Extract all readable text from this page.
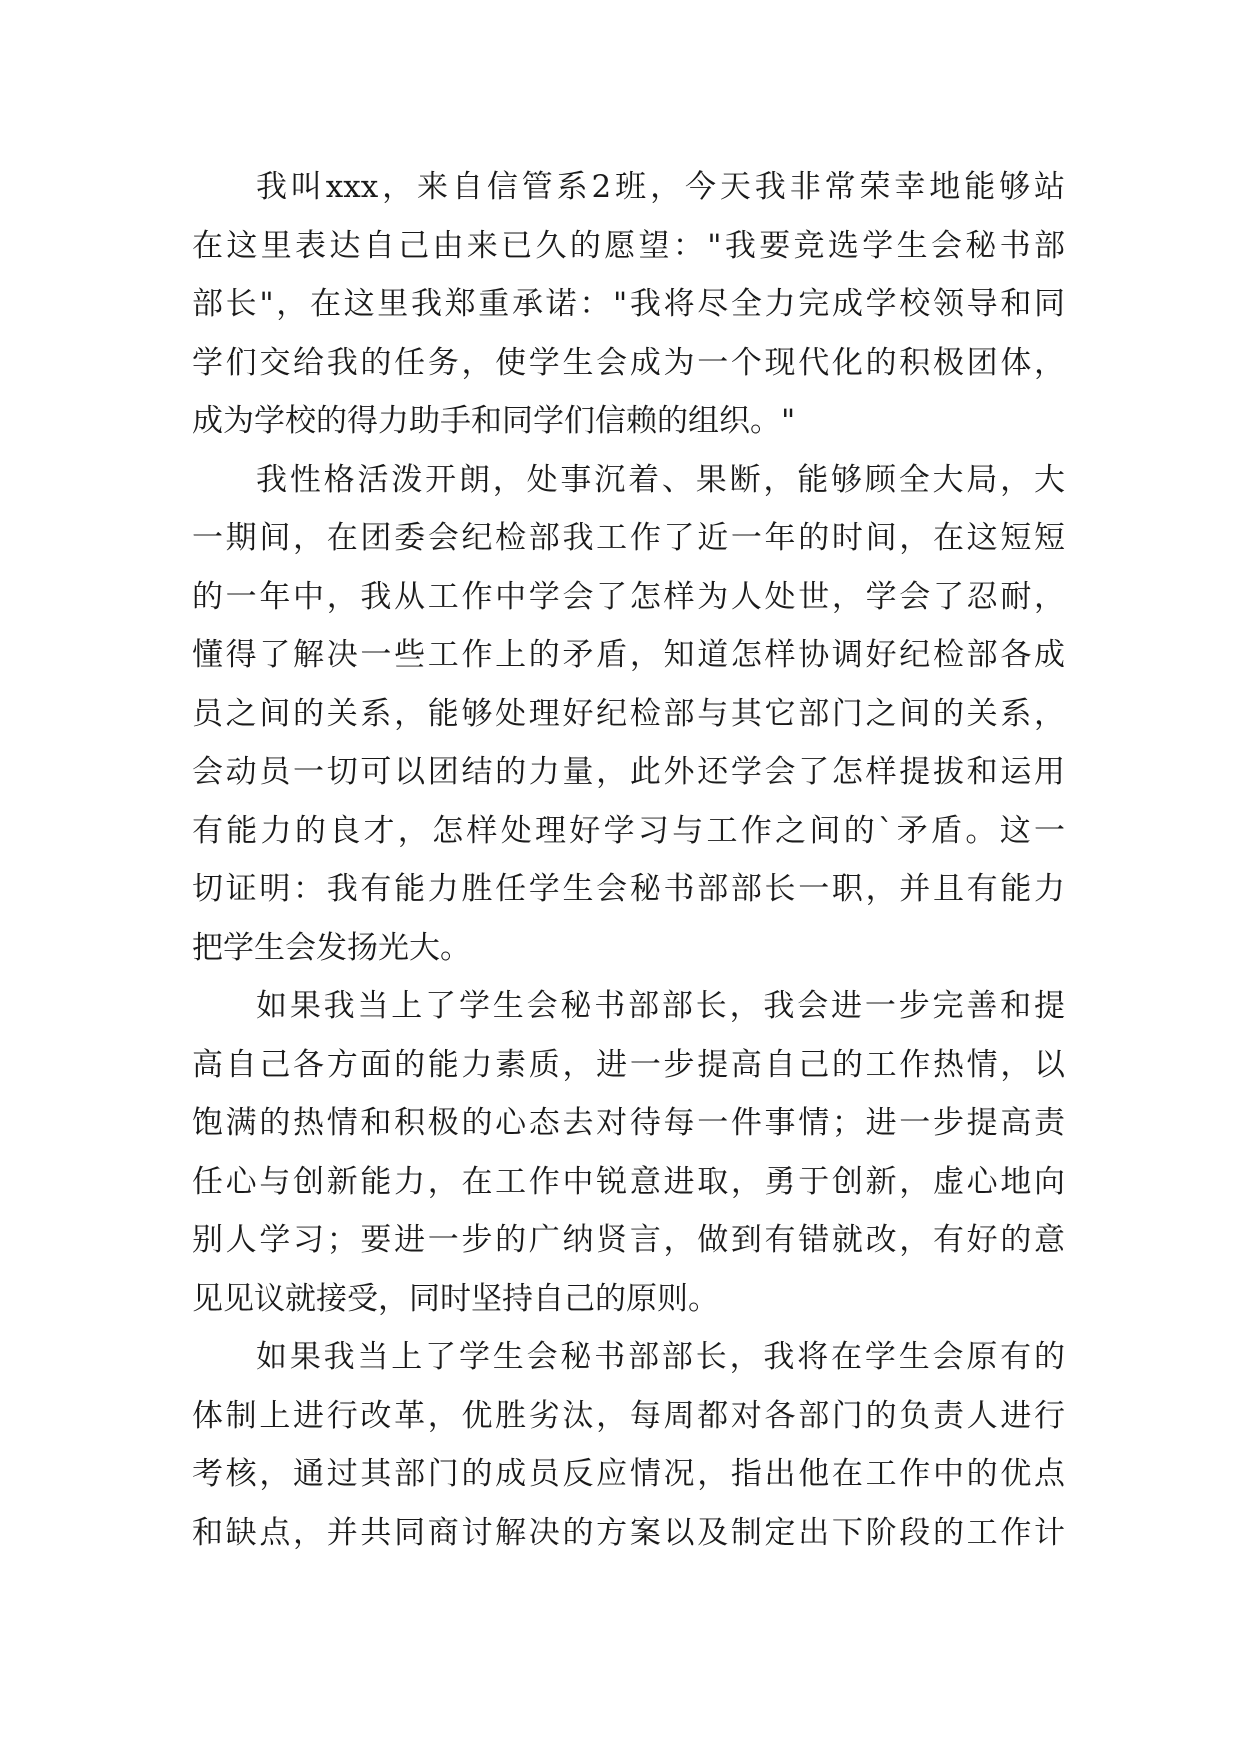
我叫xxx，来自信管系2班，今天我非常荣幸地能够站
在这里表达自己由来已久的愿望："我要竞选学生会秘书部
部长"，在这里我郑重承诺："我将尽全力完成学校领导和同
学们交给我的任务，使学生会成为一个现代化的积极团体，
成为学校的得力助手和同学们信赖的组织。"
我性格活泼开朗，处事沉着、果断，能够顾全大局，大
一期间，在团委会纪检部我工作了近一年的时间，在这短短
的一年中，我从工作中学会了怎样为人处世，学会了忍耐，
懂得了解决一些工作上的矛盾，知道怎样协调好纪检部各成
员之间的关系，能够处理好纪检部与其它部门之间的关系，
会动员一切可以团结的力量，此外还学会了怎样提拔和运用
有能力的良才，怎样处理好学习与工作之间的`矛盾。这一
切证明：我有能力胜任学生会秘书部部长一职，并且有能力
把学生会发扬光大。
如果我当上了学生会秘书部部长，我会进一步完善和提
高自己各方面的能力素质，进一步提高自己的工作热情，以
饱满的热情和积极的心态去对待每一件事情；进一步提高责
任心与创新能力，在工作中锐意进取，勇于创新，虚心地向
别人学习；要进一步的广纳贤言，做到有错就改，有好的意
见见议就接受，同时坚持自己的原则。
如果我当上了学生会秘书部部长，我将在学生会原有的
体制上进行改革，优胜劣汰，每周都对各部门的负责人进行
考核，通过其部门的成员反应情况，指出他在工作中的优点
和缺点，并共同商讨解决的方案以及制定出下阶段的工作计
